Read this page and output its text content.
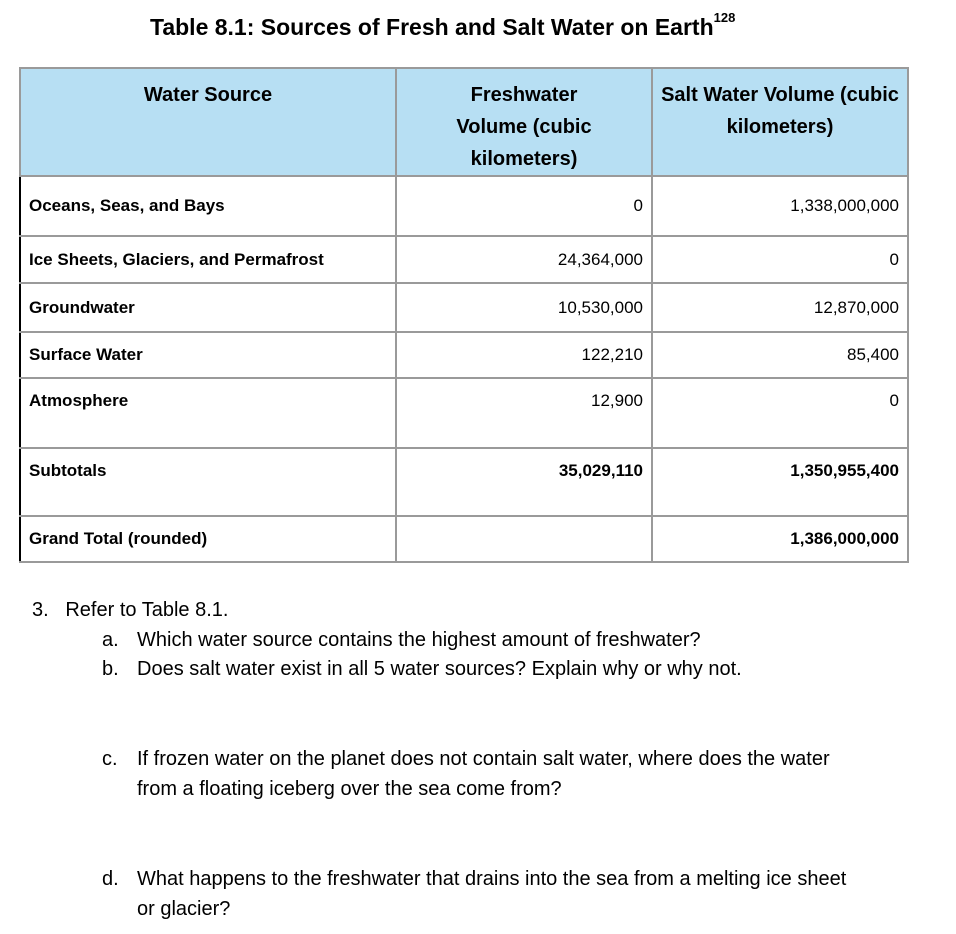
Table 8.1: Sources of Fresh and Salt Water on Earth$^{128}$
Water Source	Freshwater Volume (cubic kilometers)	Salt Water Volume (cubic kilometers)
Oceans, Seas, and Bays	0	1,338,000,000
Ice Sheets, Glaciers, and Permafrost	24,364,000	0
Groundwater	10,530,000	12,870,000
Surface Water	122,210	85,400
Atmosphere	12,900	0
Subtotals	35,029,110	1,350,955,400
Grand Total (rounded)		1,386,000,000
3. Refer to Table 8.1.
a. Which water source contains the highest amount of freshwater?
b. Does salt water exist in all 5 water sources? Explain why or why not.
c. If frozen water on the planet does not contain salt water, where does the water
from a floating iceberg over the sea come from?
d. What happens to the freshwater that drains into the sea from a melting ice sheet
or glacier?
